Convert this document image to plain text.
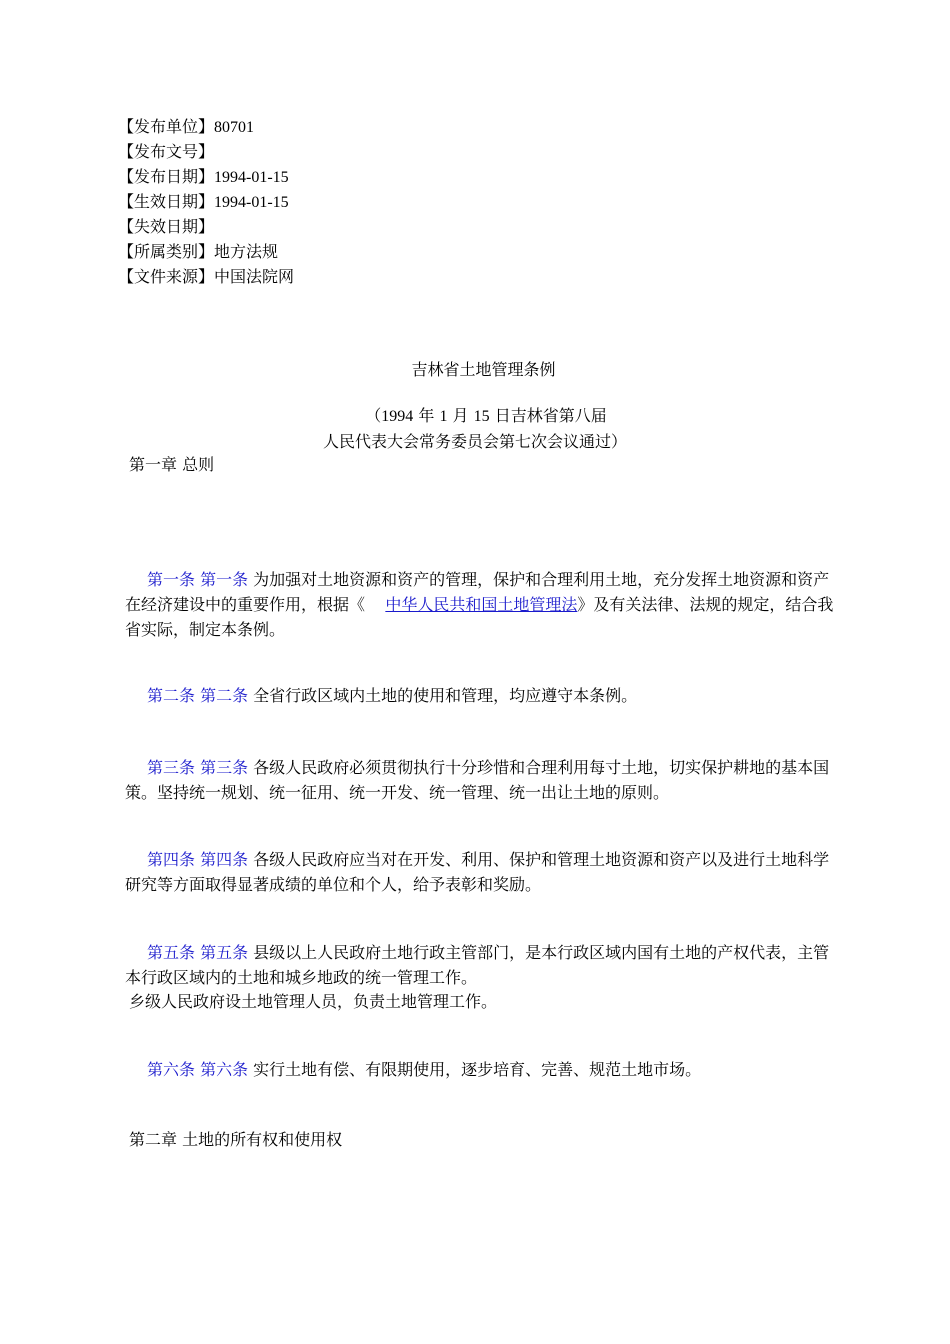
【发布单位】80701
【发布文号】
【发布日期】1994-01-15
【生效日期】1994-01-15
【失效日期】
【所属类别】地方法规
【文件来源】中国法院网
吉林省土地管理条例
（1994 年 1 月 15 日吉林省第八届
人民代表大会常务委员会第七次会议通过）
第一章 总则

第一条 第一条 为加强对土地资源和资产的管理，保护和合理利用土地，充分发挥土地资源和资产在经济建设中的重要作用，根据《 中华人民共和国土地管理法》及有关法律、法规的规定，结合我省实际，制定本条例。

第二条 第二条 全省行政区域内土地的使用和管理，均应遵守本条例。

第三条 第三条 各级人民政府必须贯彻执行十分珍惜和合理利用每寸土地，切实保护耕地的基本国策。坚持统一规划、统一征用、统一开发、统一管理、统一出让土地的原则。

第四条 第四条 各级人民政府应当对在开发、利用、保护和管理土地资源和资产以及进行土地科学研究等方面取得显著成绩的单位和个人，给予表彰和奖励。

第五条 第五条 县级以上人民政府土地行政主管部门，是本行政区域内国有土地的产权代表，主管本行政区域内的土地和城乡地政的统一管理工作。

乡级人民政府设土地管理人员，负责土地管理工作。

第六条 第六条 实行土地有偿、有限期使用，逐步培育、完善、规范土地市场。

第二章 土地的所有权和使用权
